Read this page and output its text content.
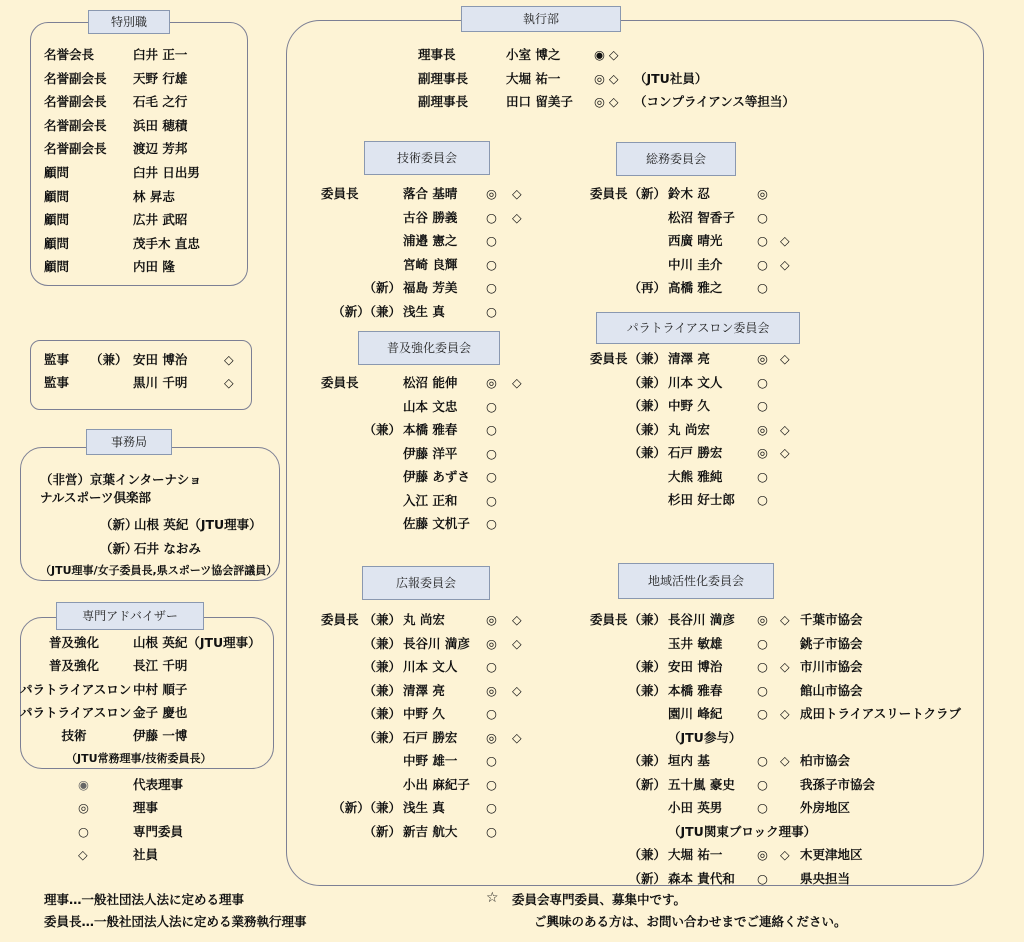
特別職
名誉会長	臼井 正一
名誉副会長 天野 行雄
名誉副会長 石毛 之行
名誉副会長 浜田 穂積
名誉副会長 渡辺 芳邦
顧問	臼井 日出男
顧問	林 昇志
顧問	広井 武昭
顧問	茂手木 直忠
顧問	内田 隆
監事 （兼） 安田 博治	◇
監事	黒川 千明	◇
事務局
（非営）京葉インターナショ
ナルスポーツ倶楽部
（新）
山根 英紀（JTU理事）
（新）
石井 なおみ
（JTU理事/女子委員長,県スポーツ協会評議員）
専門アドバイザー
普及強化	山根 英紀（JTU理事）
普及強化	長江 千明
パラトライアスロン 中村 順子
パラトライアスロン 金子 慶也
技術	伊藤 一博
（JTU常務理事/技術委員長）
◉	代表理事
◎	理事
○	専門委員
◇	社員
執行部
理事長	小室 博之	◉ ◇
副理事長	大堀 祐一	◎ ◇ （JTU社員）
副理事長	田口 留美子 ◎ ◇ （コンプライアンス等担当）
技術委員会	総務委員会
パラトライアスロン委員会
普及強化委員会
広報委員会	地域活性化委員会
委員長	落合 基晴 ◎ ◇
古谷 勝義 ○ ◇
浦邉 憲之 ○
宮崎 良輝 ○
（新） 福島 芳美 ○
（新）（兼） 浅生 真	○
委員長	松沼 能伸 ◎ ◇
山本 文忠 ○
（兼） 本橋 雅春 ○
伊藤 洋平 ○
伊藤 あずさ ○
入江 正和 ○
佐藤 文机子 ○
委員長 （兼） 丸 尚宏	◎ ◇
（兼） 長谷川 満彦 ◎ ◇
（兼） 川本 文人 ○
（兼） 清澤 亮	◎ ◇
（兼） 中野 久	○
（兼） 石戸 勝宏 ◎ ◇
中野 雄一 ○
小出 麻紀子 ○
（新）（兼） 浅生 真	○
（新） 新吉 航大 ○
委員長 （新） 鈴木 忍	◎
松沼 智香子 ○
西廣 晴光	○ ◇
中川 圭介	○ ◇
（再） 高橋 雅之	○
委員長 （兼） 清澤 亮	◎ ◇
（兼） 川本 文人	○
（兼） 中野 久	○
（兼） 丸 尚宏	◎ ◇
（兼） 石戸 勝宏	◎ ◇
大熊 雅純	○
杉田 好士郎 ○
委員長 （兼） 長谷川 満彦 ◎ ◇ 千葉市協会
玉井 敏雄	○	銚子市協会
（兼） 安田 博治	○ ◇ 市川市協会
（兼） 本橋 雅春	○	館山市協会
園川 峰紀	○ ◇ 成田トライアスリートクラブ
（JTU参与）
（兼） 垣内 基	○ ◇ 柏市協会
（新） 五十嵐 豪史 ○	我孫子市協会
小田 英男	○	外房地区
（JTU関東ブロック理事）
（兼） 大堀 祐一	◎ ◇ 木更津地区
（新） 森本 貴代和 ○	県央担当
理事…一般社団法人法に定める理事
委員長…一般社団法人法に定める業務執行理事
☆ 委員会専門委員、募集中です。
ご興味のある方は、お問い合わせまでご連絡ください。
